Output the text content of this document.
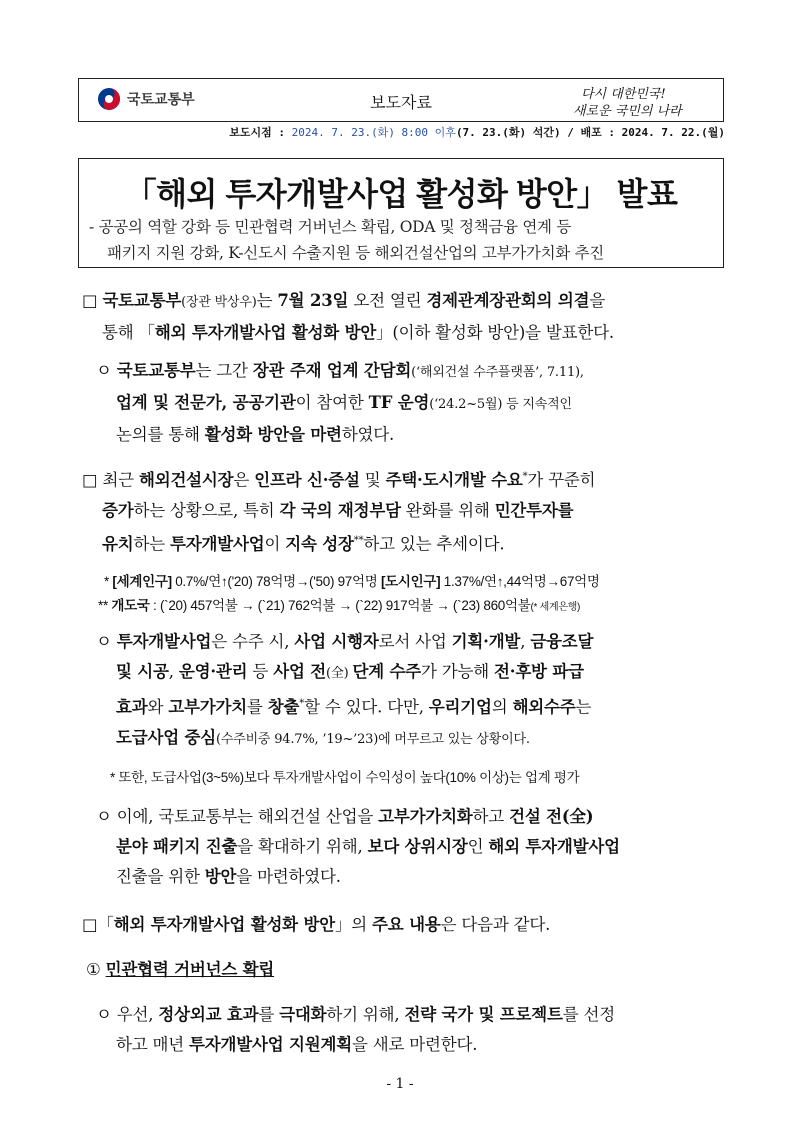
국토교통부	보도자료
다시 대한민국!
새로운 국민의 나라
보도시점 : 2024. 7. 23.(화) 8:00 이후(7. 23.(화) 석간) / 배포 : 2024. 7. 22.(월)
「해외 투자개발사업 활성화 방안」 발표
- 공공의 역할 강화 등 민관협력 거버넌스 확립, ODA 및 정책금융 연계 등
패키지 지원 강화, K-신도시 수출지원 등 해외건설산업의 고부가가치화 추진
□ 국토교통부(장관 박상우)는 7월 23일 오전 열린 경제관계장관회의 의결을
통해 「해외 투자개발사업 활성화 방안」(이하 활성화 방안)을 발표한다.
ㅇ 국토교통부는 그간 장관 주재 업계 간담회(‘해외건설 수주플랫폼’, 7.11),
업계 및 전문가, 공공기관이 참여한 TF 운영(‘24.2~5월) 등 지속적인
논의를 통해 활성화 방안을 마련하였다.
□ 최근 해외건설시장은 인프라 신·증설 및 주택·도시개발 수요*가 꾸준히
증가하는 상황으로, 특히 각 국의 재정부담 완화를 위해 민간투자를
유치하는 투자개발사업이 지속 성장**하고 있는 추세이다.
* [세계인구] 0.7%/연↑('20) 78억명→('50) 97억명 [도시인구] 1.37%/연↑,44억명→67억명
** 개도국 : (`20) 457억불 → (`21) 762억불 → (`22) 917억불 → (`23) 860억불(* 세계은행)
ㅇ 투자개발사업은 수주 시, 사업 시행자로서 사업 기획·개발, 금융조달
및 시공, 운영·관리 등 사업 전(全) 단계 수주가 가능해 전·후방 파급
효과와 고부가가치를 창출*할 수 있다. 다만, 우리기업의 해외수주는
도급사업 중심(수주비중 94.7%, ’19~’23)에 머무르고 있는 상황이다.
* 또한, 도급사업(3~5%)보다 투자개발사업이 수익성이 높다(10% 이상)는 업계 평가
ㅇ 이에, 국토교통부는 해외건설 산업을 고부가가치화하고 건설 전(全)
분야 패키지 진출을 확대하기 위해, 보다 상위시장인 해외 투자개발사업
진출을 위한 방안을 마련하였다.
□「해외 투자개발사업 활성화 방안」의 주요 내용은 다음과 같다.
① 민관협력 거버넌스 확립
ㅇ 우선, 정상외교 효과를 극대화하기 위해, 전략 국가 및 프로젝트를 선정
하고 매년 투자개발사업 지원계획을 새로 마련한다.
- 1 -
